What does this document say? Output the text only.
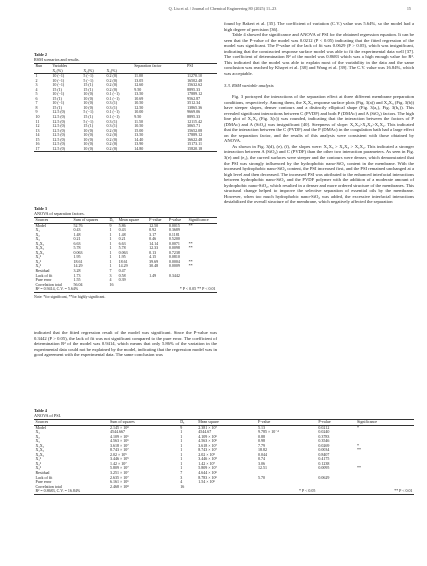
Q. Liu et al. / Journal of Chemical Engineering 80 (2025) 11–23	15
Table 2
RSM scenarios and results.
Run	Variables			Separation factor	PSI
	X₁(%)	X₂(%)	X₃(%)		
1	10 (−1)	5 (−1)	0.2 (0)	11.00	11270.10
2	10 (−1)	5 (−1)	0.2 (0)	13.05	16502.48
3	10 (−1)	15 (1)	0.2 (0)	12.60	15632.62
4	15 (1)	15 (1)	0.2 (0)	9.50	8895.33
5	10 (−1)	10 (0)	0.1 (−1)	13.50	17889.12
6	15 (1)	10 (0)	0.1 (−1)	10.69	9562.87
7	10 (−1)	10 (0)	0.3 (1)	10.50	3512.34
8	15 (1)	10 (0)	0.3 (1)	12.50	13865.36
9	12.5 (0)	5 (−1)	0.1 (−1)	10.00	9669.06
10	12.5 (0)	15 (1)	0.1 (−1)	9.50	8895.33
11	12.5 (0)	5 (−1)	0.3 (1)	11.50	12115.42
12	12.5 (0)	15 (1)	0.3 (1)	10.50	3065.71
13	12.5 (0)	10 (0)	0.2 (0)	15.00	15652.08
14	12.5 (0)	10 (0)	0.2 (0)	13.50	17889.12
15	12.5 (0)	10 (0)	0.2 (0)	14.40	16622.48
16	12.5 (0)	10 (0)	0.2 (0)	13.90	15173.11
17	12.5 (0)	10 (0)	0.2 (0)	14.80	15820.18
Table 3
ANOVA of separation factors.
Sources	Sum of squares	Dₓ	Mean square	F-value	P-value	Significance
Model	52.76	9	5.86	12.50	0.0015	**
X₁	0.43	1	0.43	0.92	0.3689	
X₂	1.48	1	1.48	3.17	0.1181	
X₃	0.21	1	0.21	0.46	0.5200	
X₁X₂	6.63	1	6.63	14.14	0.0071	**
X₁X₃	5.78	1	5.78	12.33	0.0098	**
X₂X₃	0.063	1	0.063	0.13	0.7238	
X₁²	1.95	1	1.95	4.15	0.0810	
X₂²	18.61	1	18.61	39.69	0.0004	**
X₃²	14.29	1	14.29	30.48	0.0009	**
Residual	3.28	7	0.47			
Lack of fit	1.73	3	0.58	1.49	0.3442	
Pure error	1.55	4	0.39			
Correlation total	56.04	16				
R² = 0.9414, C.V. = 5.64%			* P < 0.05 ** P < 0.01			
Note: *for significant, **for highly significant.
indicated that the fitted regression result of the model was significant. Since the P-value was 0.3442 (P > 0.05), the lack of fit was not significant compared to the pure error. The coefficient of determination R² of the model was 0.9414, which means that only 5.86% of the variation in the experimental data could not be explained by the model, indicating that the regression model was in good agreement with the experimental data. The same conclusion was

found by Bakeri et al. [35]. The coefficient of variation (C.V.) value was 5.64%, so the model had a high degree of precision [36].

Table 4 showed the significance and ANOVA of PSI for the obtained regression equation. It can be seen that the P-value of the model was 0.0212 (P < 0.05) indicating that the fitted regression of the model was significant. The P-value of the lack of fit was 0.0629 (P > 0.05), which was insignificant, indicating that the constructed response surface model was able to fit the experimental data well [37]. The coefficient of determination R² of the model was 0.8683 which was a high enough value for R². This indicated that the model was able to explain most of the variability in the data and the same conclusion was reached by Khayet et al. [38] and Wang et al. [39]. The C.V. value was 16.84%, which was acceptable.

3.3. RSM variable analysis

Fig. 3 portrayed the interactions of the separation effect at three different membrane preparation conditions, respectively. Among them, the X₁X₃ response surface plots (Fig. 3(a)) and X₂X₃ (Fig. 3(b)) have steeper slopes, denser contours and a distinctly elliptical shape (Fig. 3(a₁), Fig. 3(b₁)). This revealed significant interactions between C (PVDF) and both P (DMAc) and A (SiO₂) factors. The high line plot of X₁X₂ (Fig. 3(c)) was rounded, indicating that the interaction between the factors of P (DMAc) and A (SiO₂) was insignificant [40]. Steepness of slope: X₁X₃>X₂X₃>X₁X₂. This indicated that the interaction between the C (PVDF) and the P (DMAc) in the coagulation bath had a large effect on the separation factor, and the results of this analysis were consistent with those obtained by ANOVA.

As shown in Fig. 3(d), (e), (f), the slopes were: X₁X₃ > X₂X₃ > X₁X₂. This indicated a stronger interaction between A (SiO₂) and C (PVDF) than the other two interaction parameters. As seen in Fig. 3(e) and (e₁), the curved surfaces were steeper and the contours were denser, which demonstrated that the PSI was strongly influenced by the hydrophobic nano-SiO₂ content in the membrane. With the increased hydrophobic nano-SiO₂ content, the PSI increased first, and the PSI remained unchanged at a high level and then decreased. The increased PSI was attributed to the enhanced interfacial interactions between hydrophobic nano-SiO₂ and the PVDF polymer with the addition of a moderate amount of hydrophobic nano-SiO₂, which resulted in a denser and more ordered structure of the membranes. This structural change helped to improve the selective separation of essential oils by the membrane. However, when too much hydrophobic nano-SiO₂ was added, the excessive interfacial interactions destabilized the overall structure of the membrane, which negatively affected the separation

Table 4
ANOVA of PSI.
Sources	Sum of squares	Dₓ	Mean square	F-value	P-value	Significance
Model	2.145 × 10⁸	9	2.381 × 10⁷	5.13	0.0212	*
X₁	4544.667	1	4544.67	9.785 × 10⁻⁴	0.0240	
X₂	4.109 × 10⁶	1	4.109 × 10⁶	0.88	0.3783	
X₃	4.563 × 10⁶	1	4.563 × 10⁶	0.98	0.3546	
X₁X₂	3.618 × 10⁷	1	3.618 × 10⁷	7.79	0.0269	*
X₁X₃	8.743 × 10⁷	1	8.743 × 10⁷	18.82	0.0034	**
X₂X₃	2.02 × 10⁵	1	2.02 × 10⁵	0.044	0.8407	
X₁²	3.446 × 10⁵	1	3.446 × 10⁵	0.74	0.4175	
X₂²	1.42 × 10⁷	1	1.42 × 10⁷	3.06	0.1238	
X₃²	5.809 × 10⁷	1	5.809 × 10⁷	12.51	0.0095	**
Residual	3.251 × 10⁷	7	4.644 × 10⁶			
Lack of fit	2.635 × 10⁷	3	8.783 × 10⁶	5.70	0.0629	
Pure error	6.161 × 10⁶	4	1.54 × 10⁶			
Correlation total	2.468 × 10⁸	16				
R² = 0.8683, C.V. = 16.84%			* P < 0.05		** P < 0.01	
